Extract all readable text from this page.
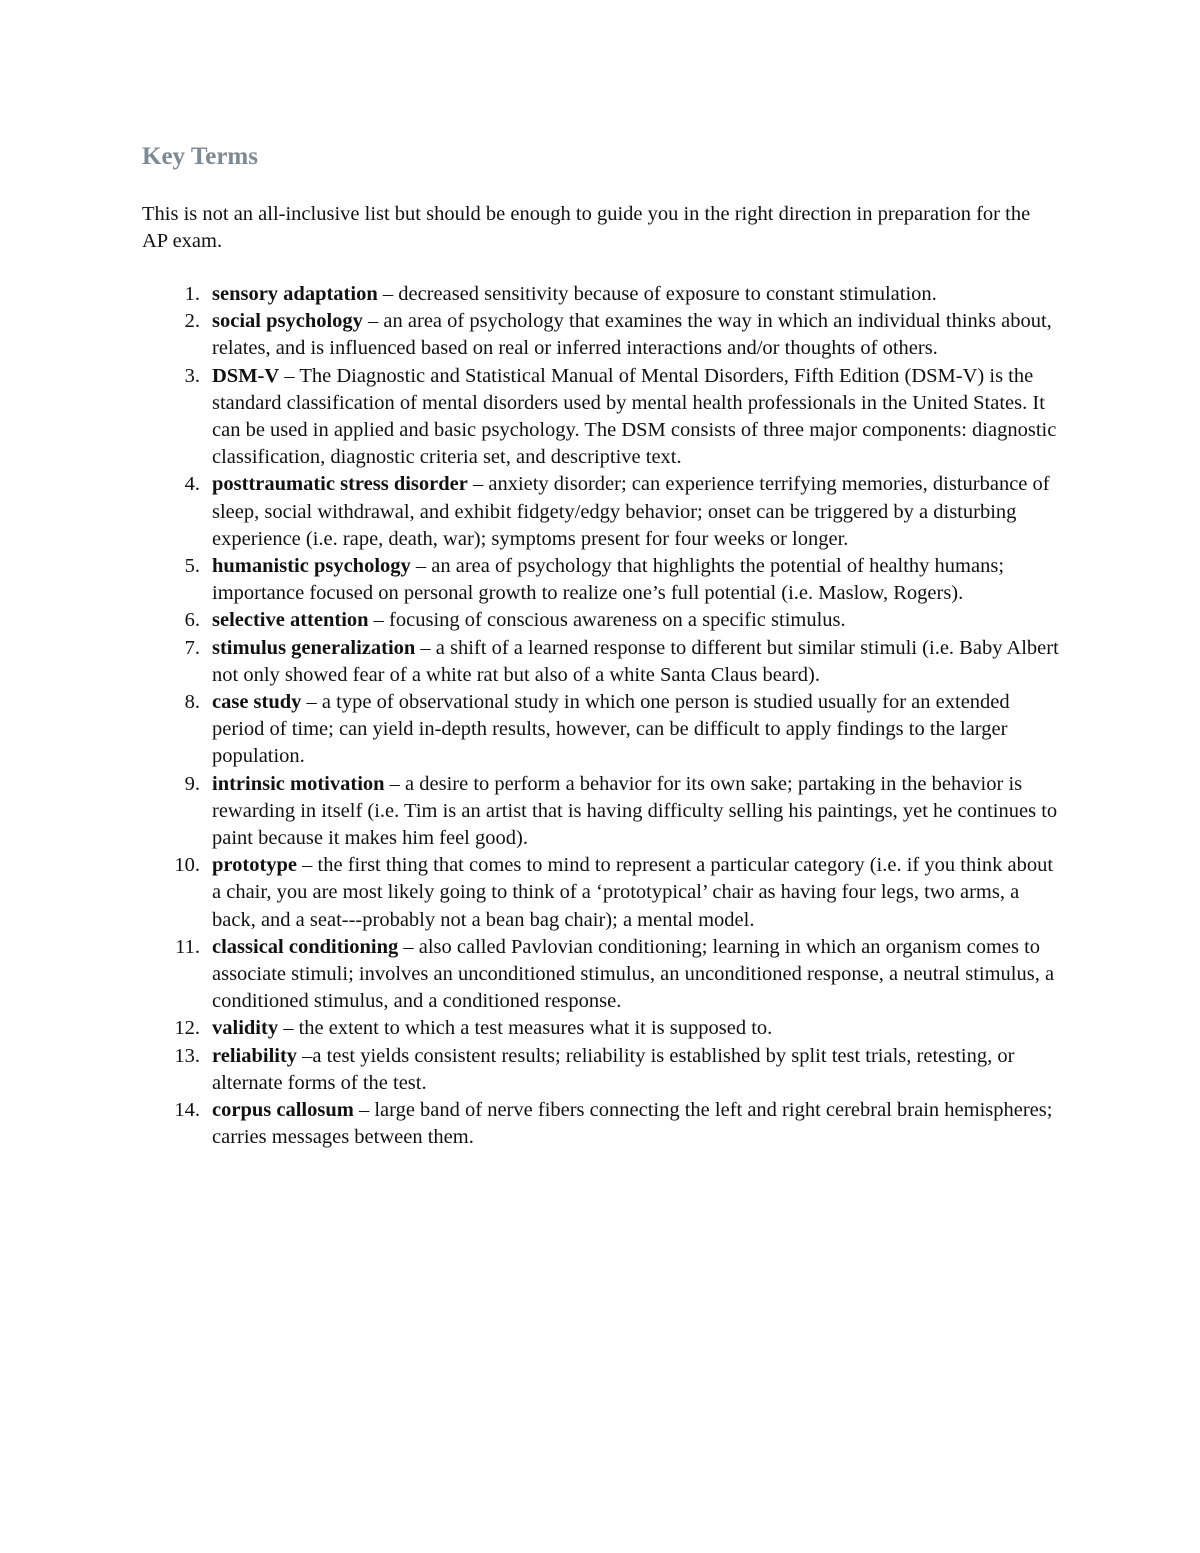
Key Terms

This is not an all-inclusive list but should be enough to guide you in the right direction in preparation for the AP exam.

1. sensory adaptation – decreased sensitivity because of exposure to constant stimulation.
2. social psychology – an area of psychology that examines the way in which an individual thinks about, relates, and is influenced based on real or inferred interactions and/or thoughts of others.
3. DSM-V – The Diagnostic and Statistical Manual of Mental Disorders, Fifth Edition (DSM-V) is the standard classification of mental disorders used by mental health professionals in the United States. It can be used in applied and basic psychology. The DSM consists of three major components: diagnostic classification, diagnostic criteria set, and descriptive text.
4. posttraumatic stress disorder – anxiety disorder; can experience terrifying memories, disturbance of sleep, social withdrawal, and exhibit fidgety/edgy behavior; onset can be triggered by a disturbing experience (i.e. rape, death, war); symptoms present for four weeks or longer.
5. humanistic psychology – an area of psychology that highlights the potential of healthy humans; importance focused on personal growth to realize one’s full potential (i.e. Maslow, Rogers).
6. selective attention – focusing of conscious awareness on a specific stimulus.
7. stimulus generalization – a shift of a learned response to different but similar stimuli (i.e. Baby Albert not only showed fear of a white rat but also of a white Santa Claus beard).
8. case study – a type of observational study in which one person is studied usually for an extended period of time; can yield in-depth results, however, can be difficult to apply findings to the larger population.
9. intrinsic motivation – a desire to perform a behavior for its own sake; partaking in the behavior is rewarding in itself (i.e. Tim is an artist that is having difficulty selling his paintings, yet he continues to paint because it makes him feel good).
10. prototype – the first thing that comes to mind to represent a particular category (i.e. if you think about a chair, you are most likely going to think of a ‘prototypical’ chair as having four legs, two arms, a back, and a seat---probably not a bean bag chair); a mental model.
11. classical conditioning – also called Pavlovian conditioning; learning in which an organism comes to associate stimuli; involves an unconditioned stimulus, an unconditioned response, a neutral stimulus, a conditioned stimulus, and a conditioned response.
12. validity – the extent to which a test measures what it is supposed to.
13. reliability –a test yields consistent results; reliability is established by split test trials, retesting, or alternate forms of the test.
14. corpus callosum – large band of nerve fibers connecting the left and right cerebral brain hemispheres; carries messages between them.
